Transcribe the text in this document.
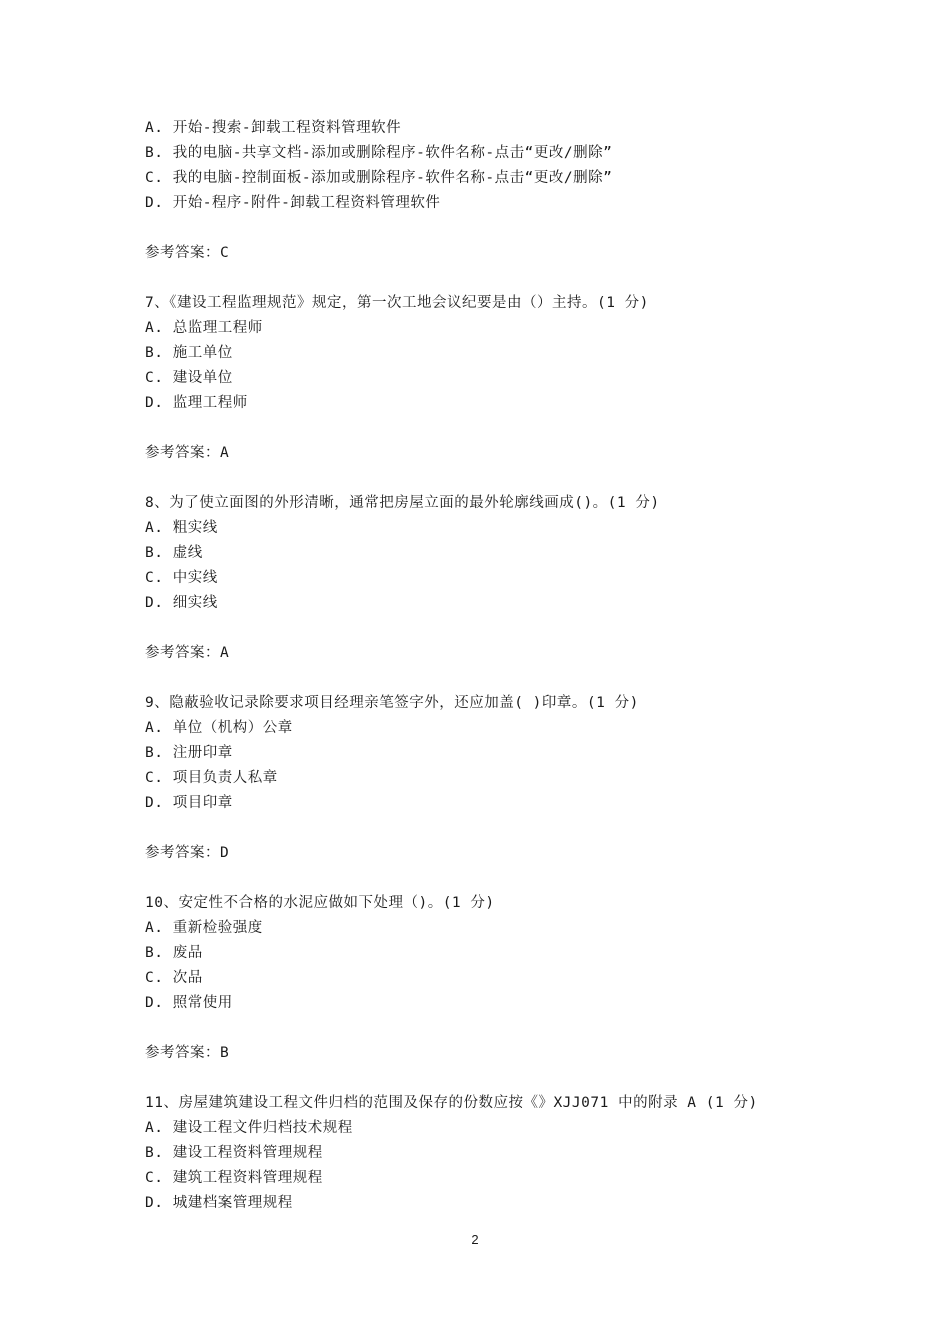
A. 开始-搜索-卸载工程资料管理软件
B. 我的电脑-共享文档-添加或删除程序-软件名称-点击“更改/删除”
C. 我的电脑-控制面板-添加或删除程序-软件名称-点击“更改/删除”
D. 开始-程序-附件-卸载工程资料管理软件
参考答案：C
7、《建设工程监理规范》规定，第一次工地会议纪要是由（）主持。(1 分)
A. 总监理工程师
B. 施工单位
C. 建设单位
D. 监理工程师
参考答案：A
8、为了使立面图的外形清晰，通常把房屋立面的最外轮廓线画成()。(1 分)
A. 粗实线
B. 虚线
C. 中实线
D. 细实线
参考答案：A
9、隐蔽验收记录除要求项目经理亲笔签字外，还应加盖( )印章。(1 分)
A. 单位（机构）公章
B. 注册印章
C. 项目负责人私章
D. 项目印章
参考答案：D
10、安定性不合格的水泥应做如下处理（)。(1 分)
A. 重新检验强度
B. 废品
C. 次品
D. 照常使用
参考答案：B
11、房屋建筑建设工程文件归档的范围及保存的份数应按《》XJJ071 中的附录 A (1 分)
A. 建设工程文件归档技术规程
B. 建设工程资料管理规程
C. 建筑工程资料管理规程
D. 城建档案管理规程
2
